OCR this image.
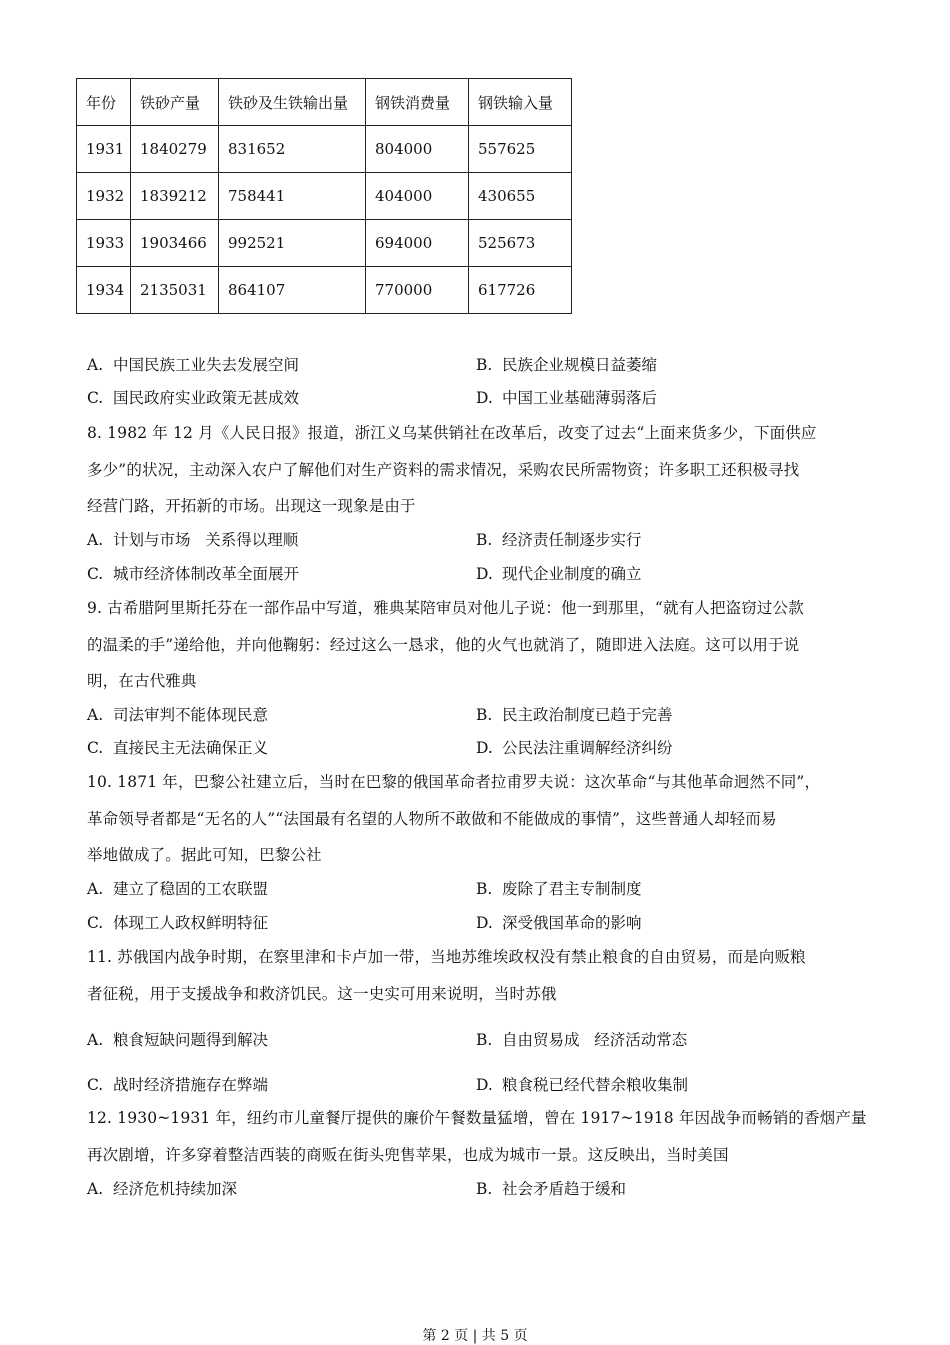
年份	铁砂产量	铁砂及生铁输出量	钢铁消费量	钢铁输入量
1931	1840279	831652	804000	557625
1932	1839212	758441	404000	430655
1933	1903466	992521	694000	525673
1934	2135031	864107	770000	617726
A. 中国民族工业失去发展空间	B. 民族企业规模日益萎缩
C. 国民政府实业政策无甚成效	D. 中国工业基础薄弱落后
8. 1982 年 12 月《人民日报》报道，浙江义乌某供销社在改革后，改变了过去“上面来货多少，下面供应
多少”的状况，主动深入农户了解他们对生产资料的需求情况，采购农民所需物资；许多职工还积极寻找
经营门路，开拓新的市场。出现这一现象是由于
A. 计划与市场   关系得以理顺	B. 经济责任制逐步实行
C. 城市经济体制改革全面展开	D. 现代企业制度的确立
9. 古希腊阿里斯托芬在一部作品中写道，雅典某陪审员对他儿子说：他一到那里，“就有人把盗窃过公款
的温柔的手”递给他，并向他鞠躬：经过这么一恳求，他的火气也就消了，随即进入法庭。这可以用于说
明，在古代雅典
A. 司法审判不能体现民意	B. 民主政治制度已趋于完善
C. 直接民主无法确保正义	D. 公民法注重调解经济纠纷
10. 1871 年，巴黎公社建立后，当时在巴黎的俄国革命者拉甫罗夫说：这次革命“与其他革命迥然不同”，
革命领导者都是“无名的人”“法国最有名望的人物所不敢做和不能做成的事情”，这些普通人却轻而易
举地做成了。据此可知，巴黎公社
A. 建立了稳固的工农联盟	B. 废除了君主专制制度
C. 体现工人政权鲜明特征	D. 深受俄国革命的影响
11. 苏俄国内战争时期，在察里津和卡卢加一带，当地苏维埃政权没有禁止粮食的自由贸易，而是向贩粮
者征税，用于支援战争和救济饥民。这一史实可用来说明，当时苏俄
A. 粮食短缺问题得到解决	B. 自由贸易成   经济活动常态
C. 战时经济措施存在弊端	D. 粮食税已经代替余粮收集制
12. 1930~1931 年，纽约市儿童餐厅提供的廉价午餐数量猛增，曾在 1917~1918 年因战争而畅销的香烟产量
再次剧增，许多穿着整洁西装的商贩在街头兜售苹果，也成为城市一景。这反映出，当时美国
A. 经济危机持续加深	B. 社会矛盾趋于缓和
第 2 页 | 共 5 页
